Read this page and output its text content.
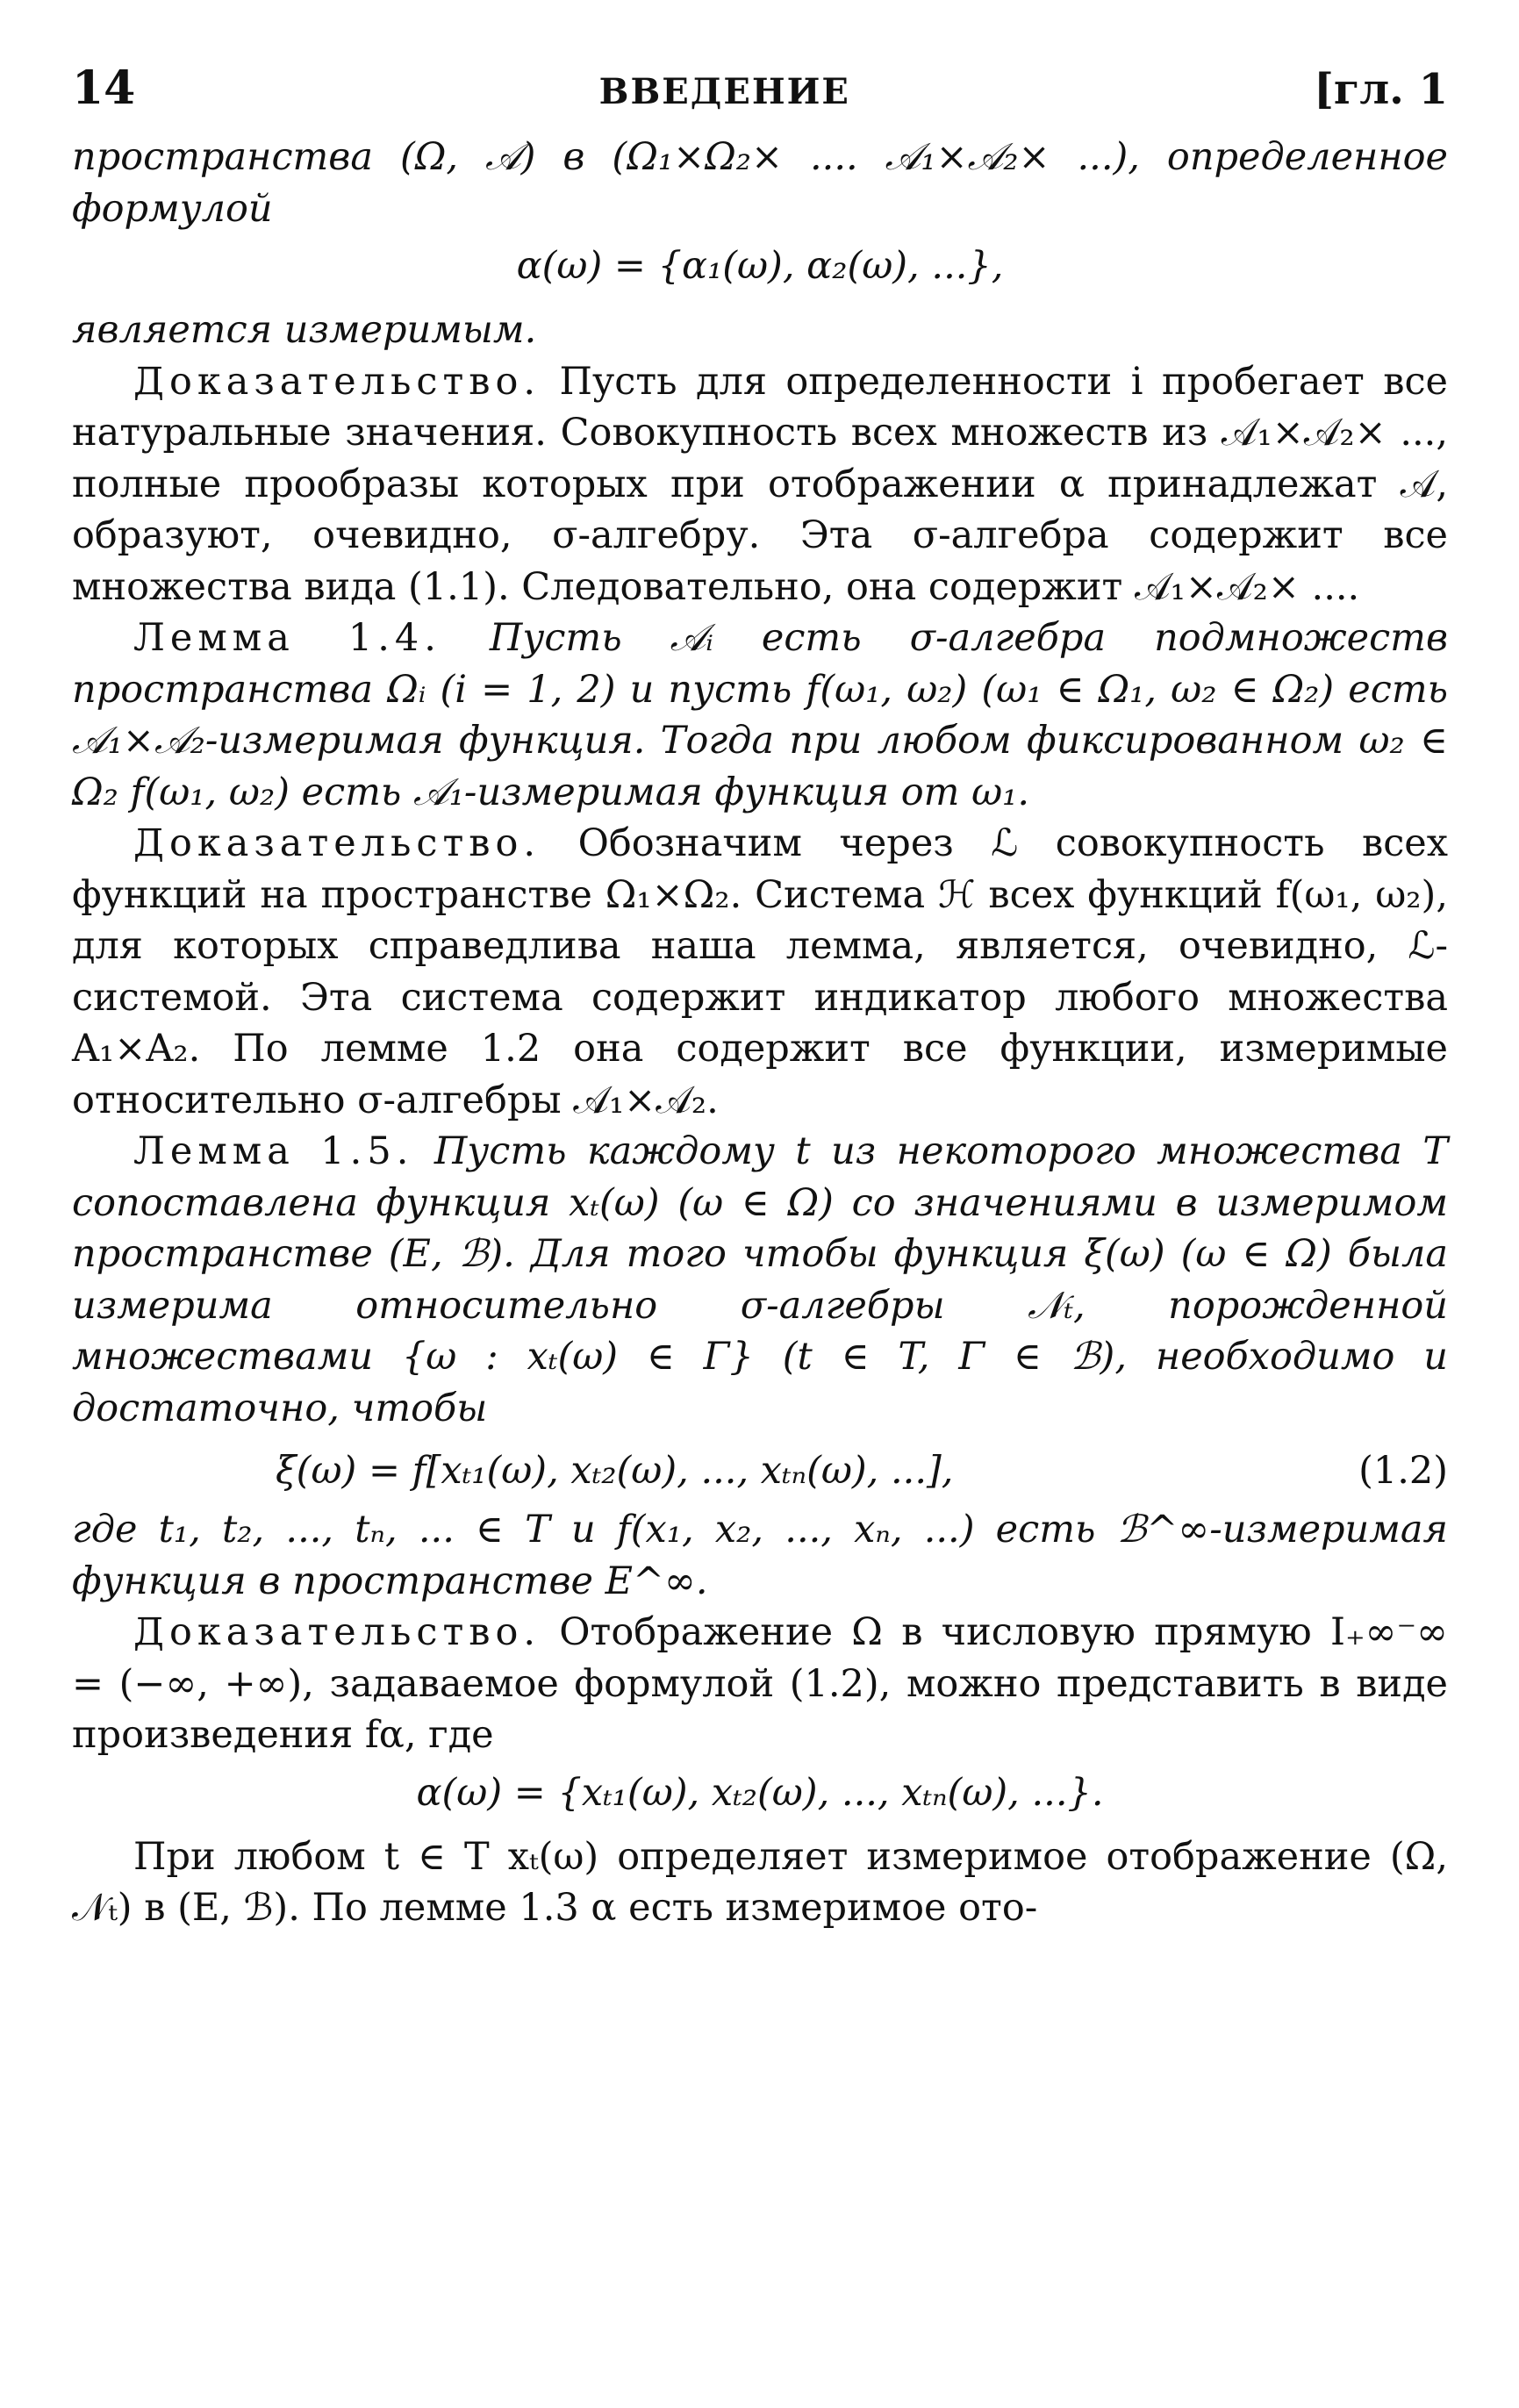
14	ВВЕДЕНИЕ	[гл. 1

пространства (Ω, 𝒜) в (Ω₁×Ω₂× .... 𝒜₁×𝒜₂× ...), определенное формулой

α(ω) = {α₁(ω), α₂(ω), ...},

является измеримым.

Доказательство. Пусть для определенности i пробегает все натуральные значения. Совокупность всех множеств из 𝒜₁×𝒜₂× ..., полные прообразы которых при отображении α принадлежат 𝒜, образуют, очевидно, σ-алгебру. Эта σ-алгебра содержит все множества вида (1.1). Следовательно, она содержит 𝒜₁×𝒜₂× ....

Лемма 1.4. Пусть 𝒜ᵢ есть σ-алгебра подмножеств пространства Ωᵢ (i = 1, 2) и пусть f(ω₁, ω₂) (ω₁ ∈ Ω₁, ω₂ ∈ Ω₂) есть 𝒜₁×𝒜₂-измеримая функция. Тогда при любом фиксированном ω₂ ∈ Ω₂ f(ω₁, ω₂) есть 𝒜₁-измеримая функция от ω₁.

Доказательство. Обозначим через ℒ совокупность всех функций на пространстве Ω₁×Ω₂. Система ℋ всех функций f(ω₁, ω₂), для которых справедлива наша лемма, является, очевидно, ℒ-системой. Эта система содержит индикатор любого множества A₁×A₂. По лемме 1.2 она содержит все функции, измеримые относительно σ-алгебры 𝒜₁×𝒜₂.

Лемма 1.5. Пусть каждому t из некоторого множества T сопоставлена функция xₜ(ω) (ω ∈ Ω) со значениями в измеримом пространстве (E, ℬ). Для того чтобы функция ξ(ω) (ω ∈ Ω) была измерима относительно σ-алгебры 𝒩ₜ, порожденной множествами {ω : xₜ(ω) ∈ Γ} (t ∈ T, Γ ∈ ℬ), необходимо и достаточно, чтобы

ξ(ω) = f[xₜ₁(ω), xₜ₂(ω), ..., xₜₙ(ω), ...],	(1.2)

где t₁, t₂, ..., tₙ, ... ∈ T и f(x₁, x₂, ..., xₙ, ...) есть ℬ^∞-измеримая функция в пространстве E^∞.

Доказательство. Отображение Ω в числовую прямую I₊∞⁻∞ = (−∞, +∞), задаваемое формулой (1.2), можно представить в виде произведения fα, где

α(ω) = {xₜ₁(ω), xₜ₂(ω), ..., xₜₙ(ω), ...}.

При любом t ∈ T xₜ(ω) определяет измеримое отображение (Ω, 𝒩ₜ) в (E, ℬ). По лемме 1.3 α есть измеримое ото-
